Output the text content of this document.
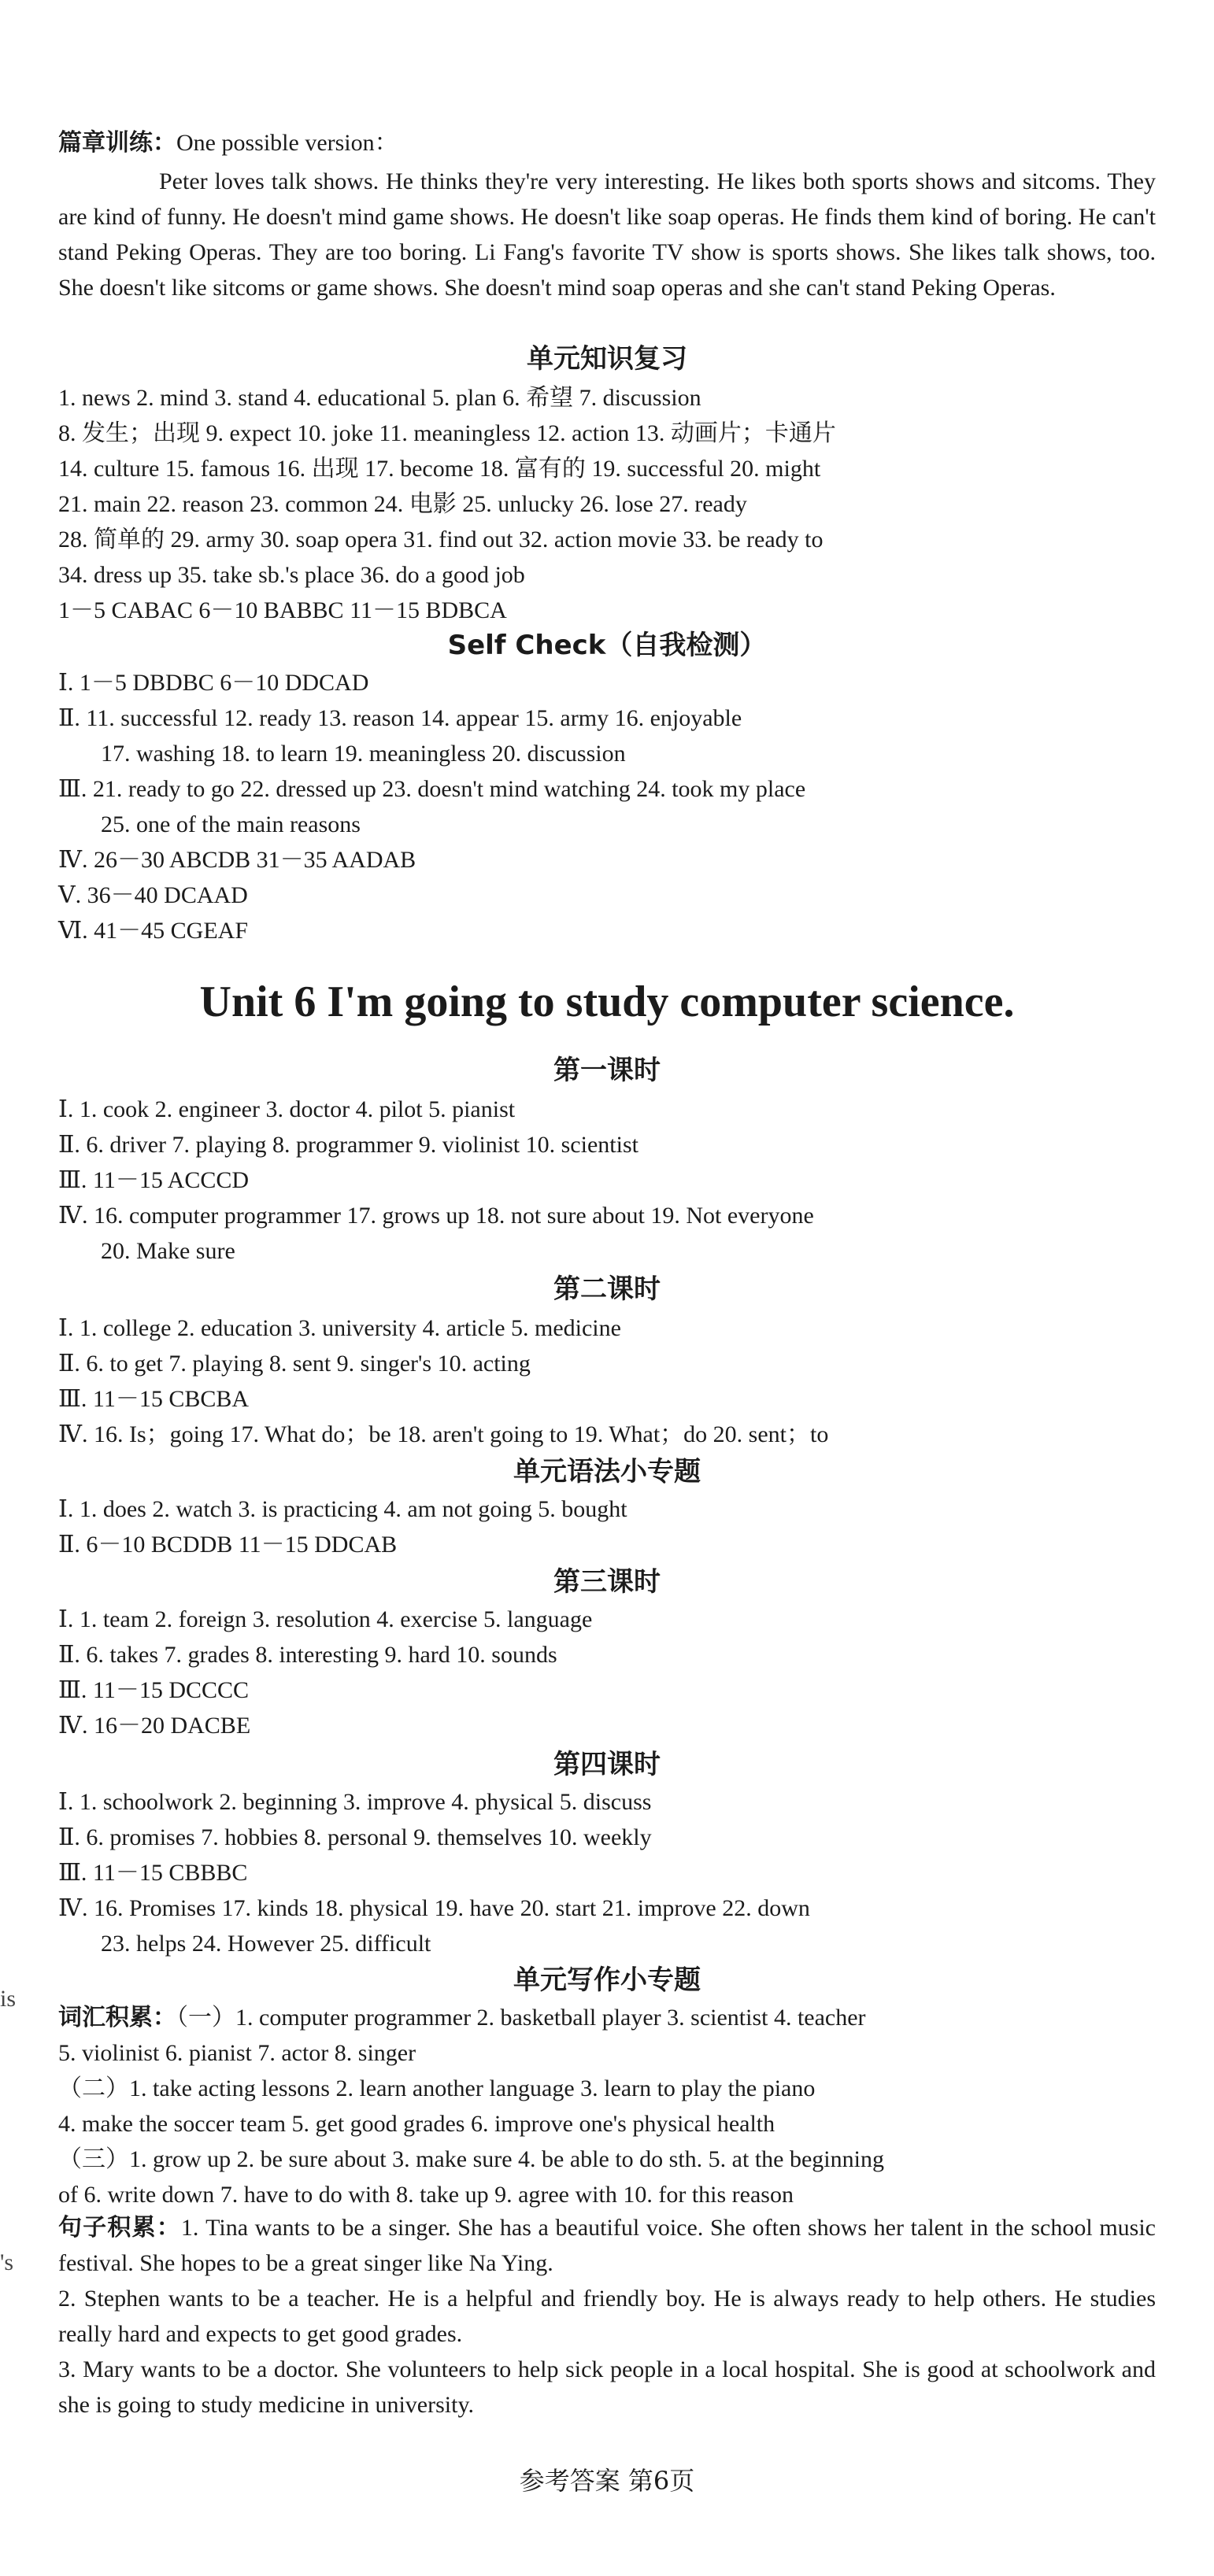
篇章训练：One possible version：
Peter loves talk shows. He thinks they're very interesting. He likes both sports shows and sitcoms. They are kind of funny. He doesn't mind game shows. He doesn't like soap operas. He finds them kind of boring. He can't stand Peking Operas. They are too boring. Li Fang's favorite TV show is sports shows. She likes talk shows, too. She doesn't like sitcoms or game shows. She doesn't mind soap operas and she can't stand Peking Operas.
单元知识复习
1. news 2. mind 3. stand 4. educational 5. plan 6. 希望 7. discussion
8. 发生；出现 9. expect 10. joke 11. meaningless 12. action 13. 动画片；卡通片
14. culture 15. famous 16. 出现 17. become 18. 富有的 19. successful 20. might
21. main 22. reason 23. common 24. 电影 25. unlucky 26. lose 27. ready
28. 简单的 29. army 30. soap opera 31. find out 32. action movie 33. be ready to
34. dress up 35. take sb.'s place 36. do a good job
1－5 CABAC 6－10 BABBC 11－15 BDBCA
Self Check（自我检测）
Ⅰ. 1－5 DBDBC 6－10 DDCAD
Ⅱ. 11. successful 12. ready 13. reason 14. appear 15. army 16. enjoyable
17. washing 18. to learn 19. meaningless 20. discussion
Ⅲ. 21. ready to go 22. dressed up 23. doesn't mind watching 24. took my place
25. one of the main reasons
Ⅳ. 26－30 ABCDB 31－35 AADAB
Ⅴ. 36－40 DCAAD
Ⅵ. 41－45 CGEAF
Unit 6 I'm going to study computer science.
第一课时
Ⅰ. 1. cook 2. engineer 3. doctor 4. pilot 5. pianist
Ⅱ. 6. driver 7. playing 8. programmer 9. violinist 10. scientist
Ⅲ. 11－15 ACCCD
Ⅳ. 16. computer programmer 17. grows up 18. not sure about 19. Not everyone
20. Make sure
第二课时
Ⅰ. 1. college 2. education 3. university 4. article 5. medicine
Ⅱ. 6. to get 7. playing 8. sent 9. singer's 10. acting
Ⅲ. 11－15 CBCBA
Ⅳ. 16. Is；going 17. What do；be 18. aren't going to 19. What；do 20. sent；to
单元语法小专题
Ⅰ. 1. does 2. watch 3. is practicing 4. am not going 5. bought
Ⅱ. 6－10 BCDDB 11－15 DDCAB
第三课时
Ⅰ. 1. team 2. foreign 3. resolution 4. exercise 5. language
Ⅱ. 6. takes 7. grades 8. interesting 9. hard 10. sounds
Ⅲ. 11－15 DCCCC
Ⅳ. 16－20 DACBE
第四课时
Ⅰ. 1. schoolwork 2. beginning 3. improve 4. physical 5. discuss
Ⅱ. 6. promises 7. hobbies 8. personal 9. themselves 10. weekly
Ⅲ. 11－15 CBBBC
Ⅳ. 16. Promises 17. kinds 18. physical 19. have 20. start 21. improve 22. down
23. helps 24. However 25. difficult
单元写作小专题
词汇积累：（一）1. computer programmer 2. basketball player 3. scientist 4. teacher
5. violinist 6. pianist 7. actor 8. singer
（二）1. take acting lessons 2. learn another language 3. learn to play the piano
4. make the soccer team 5. get good grades 6. improve one's physical health
（三）1. grow up 2. be sure about 3. make sure 4. be able to do sth. 5. at the beginning
of 6. write down 7. have to do with 8. take up 9. agree with 10. for this reason
句子积累：1. Tina wants to be a singer. She has a beautiful voice. She often shows her talent in the school music festival. She hopes to be a great singer like Na Ying.
2. Stephen wants to be a teacher. He is a helpful and friendly boy. He is always ready to help others. He studies really hard and expects to get good grades.
3. Mary wants to be a doctor. She volunteers to help sick people in a local hospital. She is good at schoolwork and she is going to study medicine in university.
is
's
参考答案 第6页
